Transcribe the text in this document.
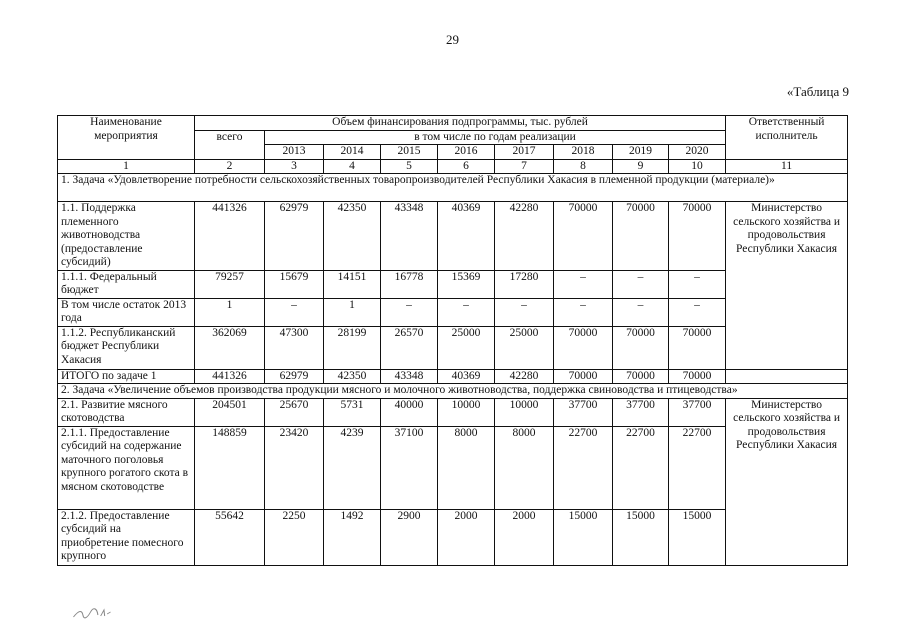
29
«Таблица 9
Наименование мероприятия	Объем финансирования подпрограммы, тыс. рублей									Ответственный исполнитель
	всего	в том числе по годам реализации								
		2013	2014	2015	2016	2017	2018	2019	2020	
1	2	3	4	5	6	7	8	9	10	11
1. Задача «Удовлетворение потребности сельскохозяйственных товаропроизводителей Республики Хакасия в племенной продукции (материале)»										
1.1. Поддержка племенного животноводства (предоставление субсидий)	441326	62979	42350	43348	40369	42280	70000	70000	70000	Министерство сельского хозяйства и продовольствия Республики Хакасия
1.1.1. Федеральный бюджет	79257	15679	14151	16778	15369	17280	–	–	–	
В том числе остаток 2013 года	1	–	1	–	–	–	–	–	–	
1.1.2. Республиканский бюджет Республики Хакасия	362069	47300	28199	26570	25000	25000	70000	70000	70000	
ИТОГО по задаче 1	441326	62979	42350	43348	40369	42280	70000	70000	70000	
2. Задача «Увеличение объемов производства продукции мясного и молочного животноводства, поддержка свиноводства и птицеводства»										
2.1. Развитие мясного скотоводства	204501	25670	5731	40000	10000	10000	37700	37700	37700	Министерство сельского хозяйства и продовольствия Республики Хакасия
2.1.1. Предоставление субсидий на содержание маточного поголовья крупного рогатого скота в мясном скотоводстве	148859	23420	4239	37100	8000	8000	22700	22700	22700	
2.1.2. Предоставление субсидий на приобретение помесного крупного	55642	2250	1492	2900	2000	2000	15000	15000	15000	
